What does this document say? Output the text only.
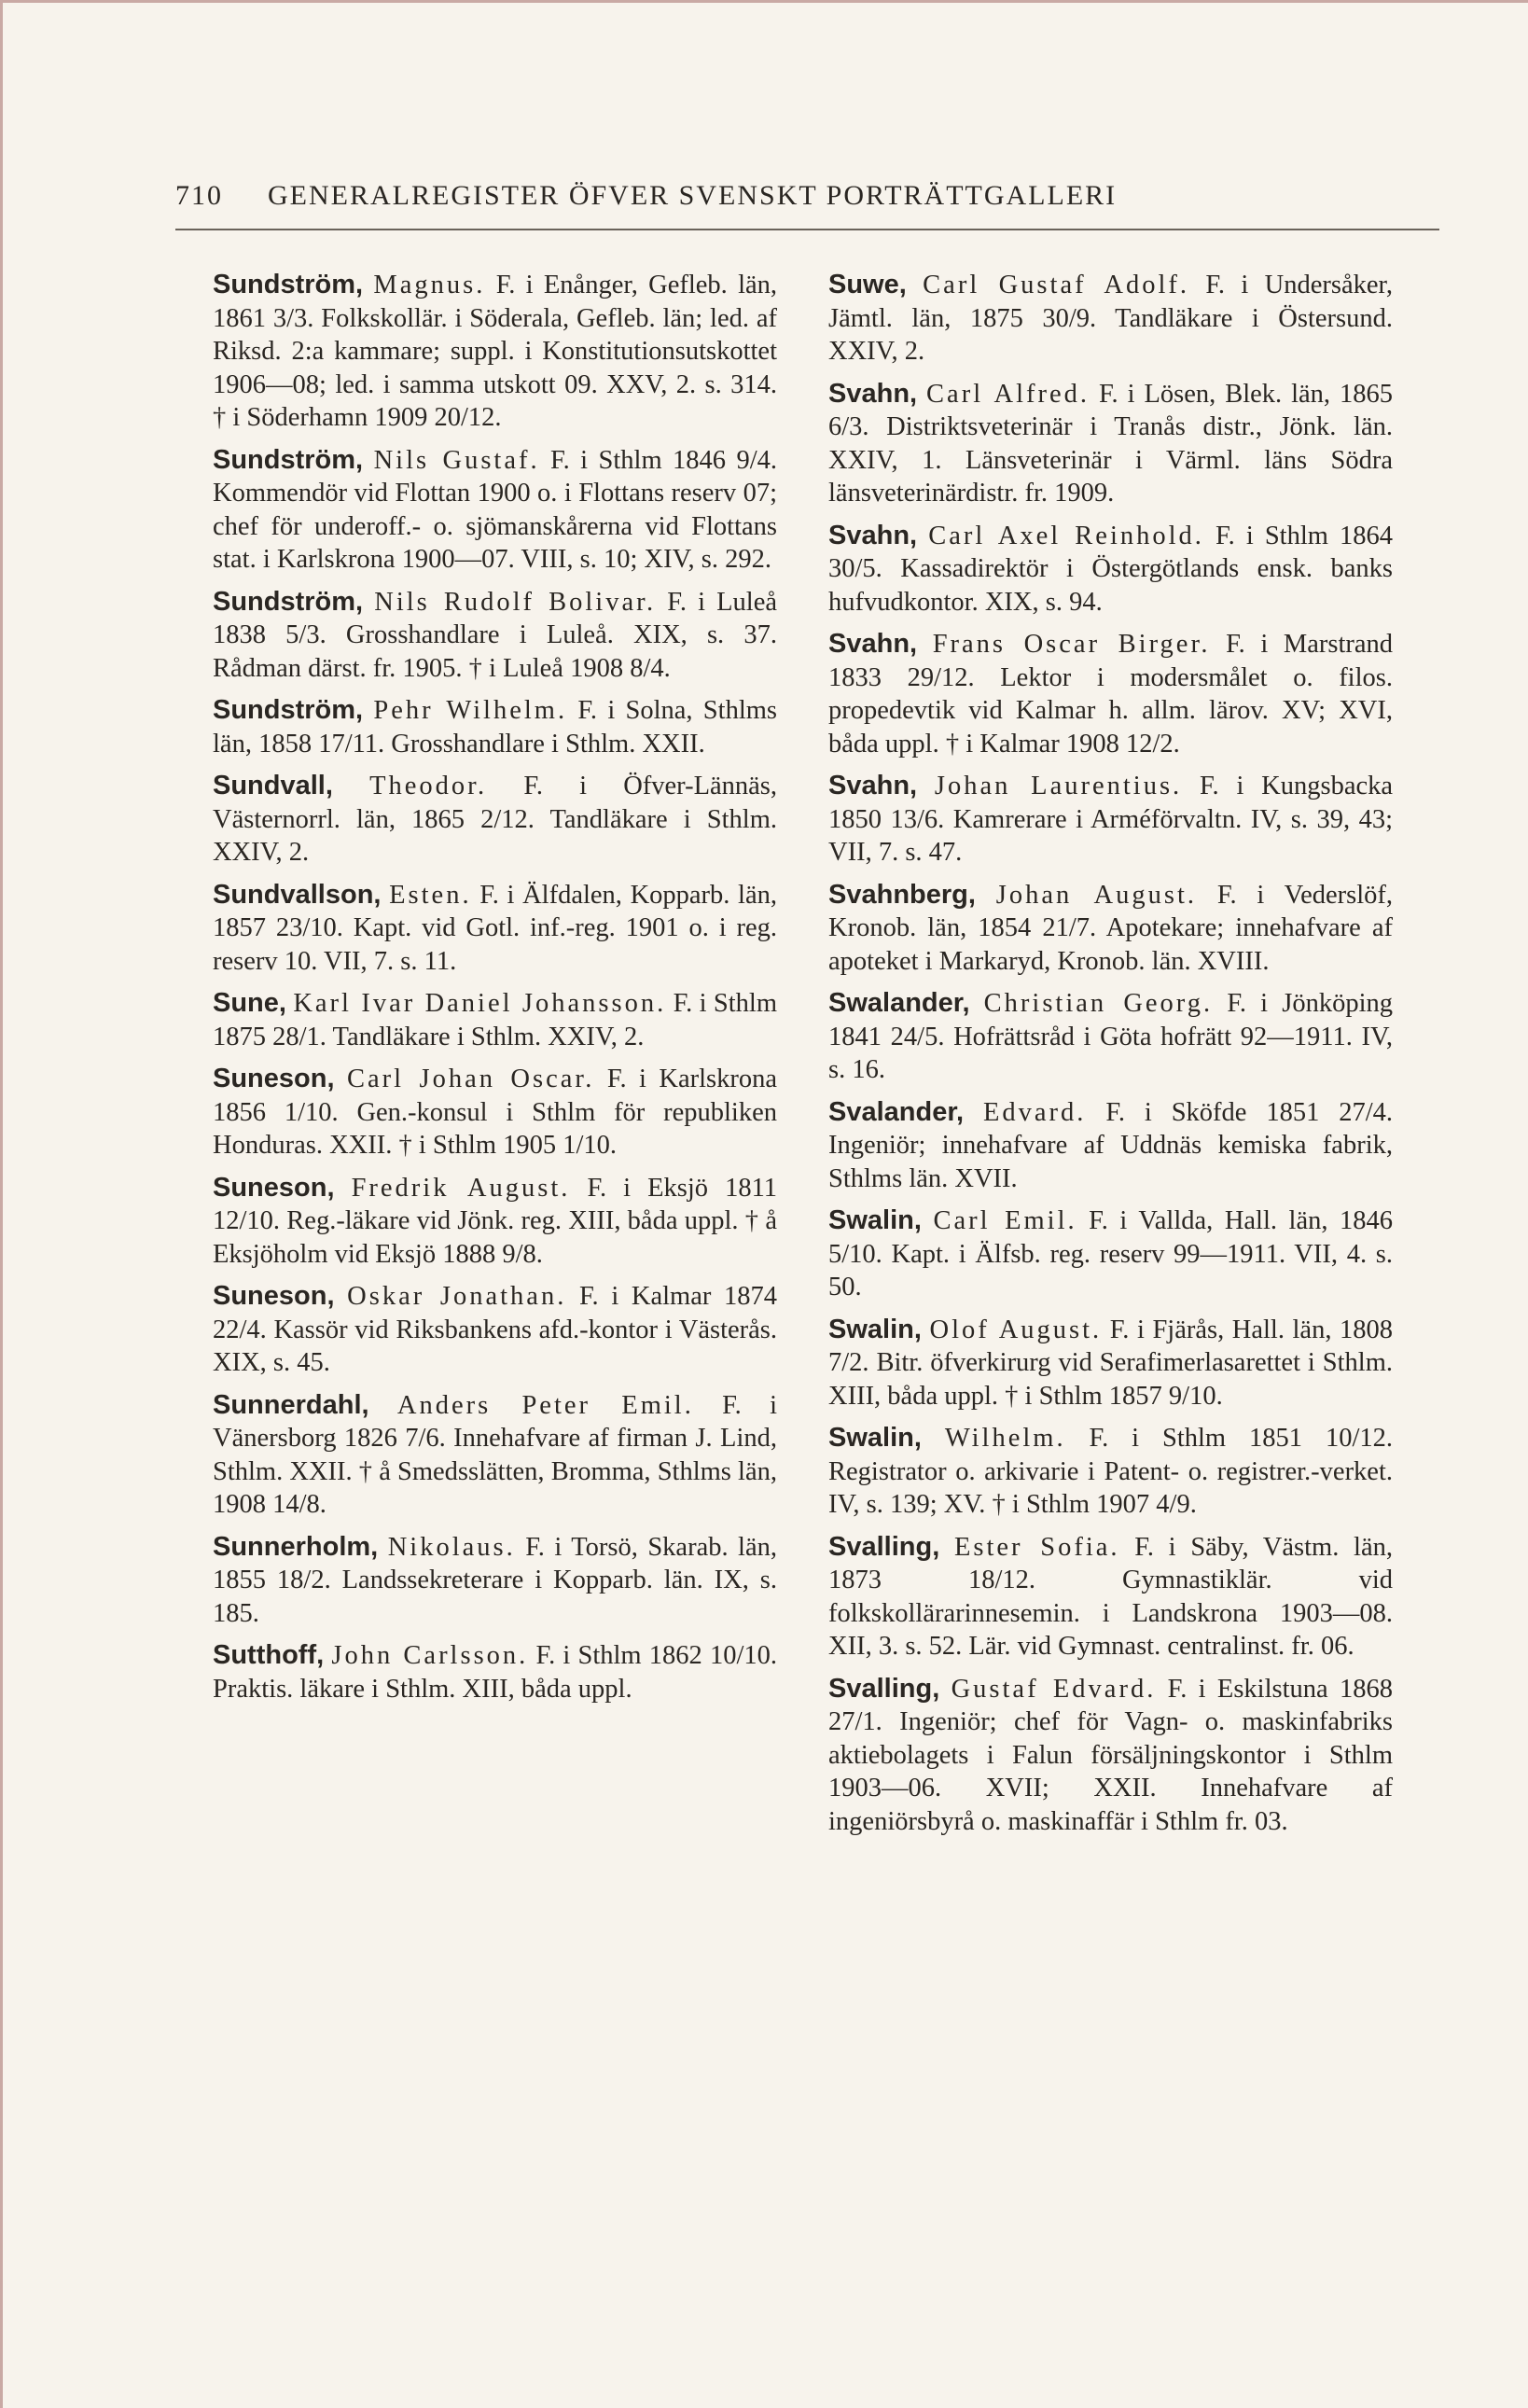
710 GENERALREGISTER ÖFVER SVENSKT PORTRÄTTGALLERI
Sundström, Magnus. F. i Enånger, Gefleb. län, 1861 3/3. Folkskollär. i Söderala, Gefleb. län; led. af Riksd. 2:a kammare; suppl. i Konstitutionsutskottet 1906—08; led. i samma utskott 09. XXV, 2. s. 314. † i Söderhamn 1909 20/12.
Sundström, Nils Gustaf. F. i Sthlm 1846 9/4. Kommendör vid Flottan 1900 o. i Flottans reserv 07; chef för underoff.- o. sjömanskårerna vid Flottans stat. i Karlskrona 1900—07. VIII, s. 10; XIV, s. 292.
Sundström, Nils Rudolf Bolivar. F. i Luleå 1838 5/3. Grosshandlare i Luleå. XIX, s. 37. Rådman därst. fr. 1905. † i Luleå 1908 8/4.
Sundström, Pehr Wilhelm. F. i Solna, Sthlms län, 1858 17/11. Grosshandlare i Sthlm. XXII.
Sundvall, Theodor. F. i Öfver-Lännäs, Västernorrl. län, 1865 2/12. Tandläkare i Sthlm. XXIV, 2.
Sundvallson, Esten. F. i Älfdalen, Kopparb. län, 1857 23/10. Kapt. vid Gotl. inf.-reg. 1901 o. i reg. reserv 10. VII, 7. s. 11.
Sune, Karl Ivar Daniel Johansson. F. i Sthlm 1875 28/1. Tandläkare i Sthlm. XXIV, 2.
Suneson, Carl Johan Oscar. F. i Karlskrona 1856 1/10. Gen.-konsul i Sthlm för republiken Honduras. XXII. † i Sthlm 1905 1/10.
Suneson, Fredrik August. F. i Eksjö 1811 12/10. Reg.-läkare vid Jönk. reg. XIII, båda uppl. † å Eksjöholm vid Eksjö 1888 9/8.
Suneson, Oskar Jonathan. F. i Kalmar 1874 22/4. Kassör vid Riksbankens afd.-kontor i Västerås. XIX, s. 45.
Sunnerdahl, Anders Peter Emil. F. i Vänersborg 1826 7/6. Innehafvare af firman J. Lind, Sthlm. XXII. † å Smedsslätten, Bromma, Sthlms län, 1908 14/8.
Sunnerholm, Nikolaus. F. i Torsö, Skarab. län, 1855 18/2. Landssekreterare i Kopparb. län. IX, s. 185.
Sutthoff, John Carlsson. F. i Sthlm 1862 10/10. Praktis. läkare i Sthlm. XIII, båda uppl.
Suwe, Carl Gustaf Adolf. F. i Undersåker, Jämtl. län, 1875 30/9. Tandläkare i Östersund. XXIV, 2.
Svahn, Carl Alfred. F. i Lösen, Blek. län, 1865 6/3. Distriktsveterinär i Tranås distr., Jönk. län. XXIV, 1. Länsveterinär i Värml. läns Södra länsveterinärdistr. fr. 1909.
Svahn, Carl Axel Reinhold. F. i Sthlm 1864 30/5. Kassadirektör i Östergötlands ensk. banks hufvudkontor. XIX, s. 94.
Svahn, Frans Oscar Birger. F. i Marstrand 1833 29/12. Lektor i modersmålet o. filos. propedevtik vid Kalmar h. allm. lärov. XV; XVI, båda uppl. † i Kalmar 1908 12/2.
Svahn, Johan Laurentius. F. i Kungsbacka 1850 13/6. Kamrerare i Arméförvaltn. IV, s. 39, 43; VII, 7. s. 47.
Svahnberg, Johan August. F. i Vederslöf, Kronob. län, 1854 21/7. Apotekare; innehafvare af apoteket i Markaryd, Kronob. län. XVIII.
Swalander, Christian Georg. F. i Jönköping 1841 24/5. Hofrättsråd i Göta hofrätt 92—1911. IV, s. 16.
Svalander, Edvard. F. i Sköfde 1851 27/4. Ingeniör; innehafvare af Uddnäs kemiska fabrik, Sthlms län. XVII.
Swalin, Carl Emil. F. i Vallda, Hall. län, 1846 5/10. Kapt. i Älfsb. reg. reserv 99—1911. VII, 4. s. 50.
Swalin, Olof August. F. i Fjärås, Hall. län, 1808 7/2. Bitr. öfverkirurg vid Serafimerlasarettet i Sthlm. XIII, båda uppl. † i Sthlm 1857 9/10.
Swalin, Wilhelm. F. i Sthlm 1851 10/12. Registrator o. arkivarie i Patent- o. registrer.-verket. IV, s. 139; XV. † i Sthlm 1907 4/9.
Svalling, Ester Sofia. F. i Säby, Västm. län, 1873 18/12. Gymnastiklär. vid folkskollärarinnesemin. i Landskrona 1903—08. XII, 3. s. 52. Lär. vid Gymnast. centralinst. fr. 06.
Svalling, Gustaf Edvard. F. i Eskilstuna 1868 27/1. Ingeniör; chef för Vagn- o. maskinfabriks aktiebolagets i Falun försäljningskontor i Sthlm 1903—06. XVII; XXII. Innehafvare af ingeniörsbyrå o. maskinaffär i Sthlm fr. 03.
